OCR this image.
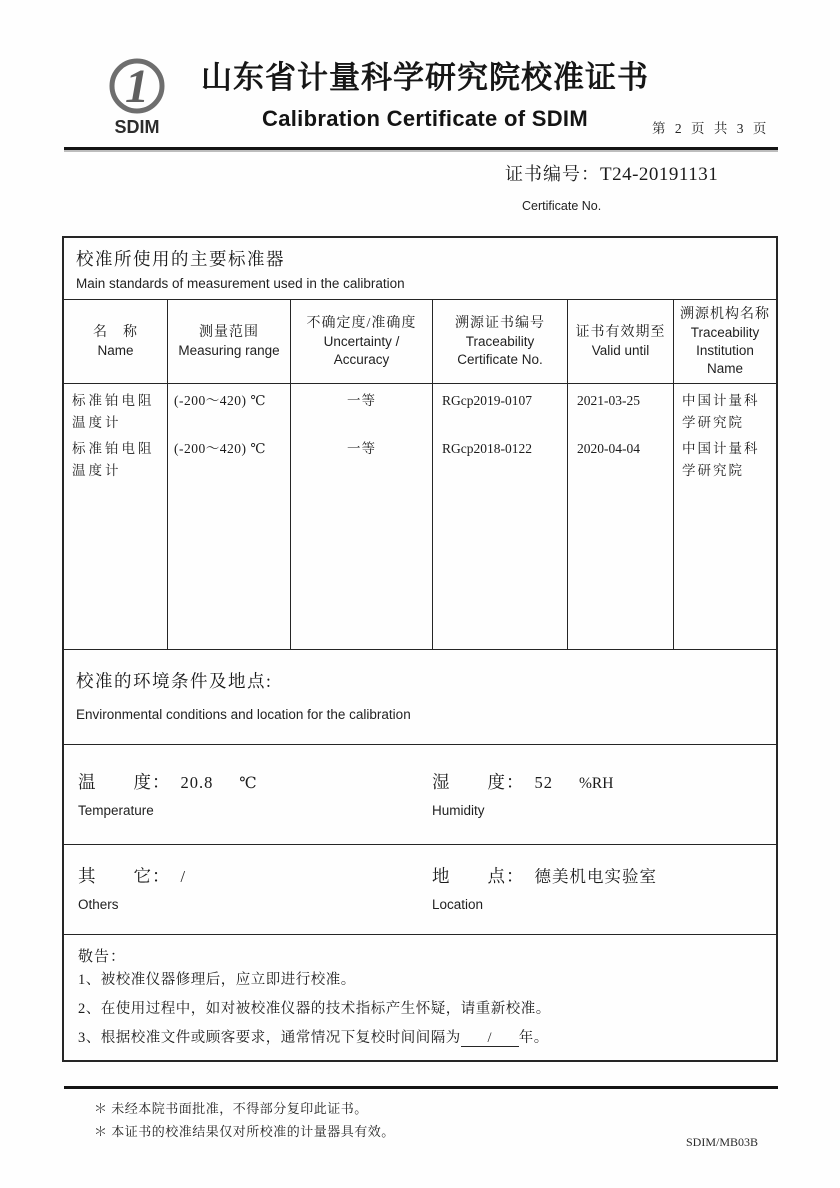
1
SDIM
山东省计量科学研究院校准证书
Calibration Certificate of SDIM	第 2 页 共 3 页
证书编号：T24-20191131
Certificate No.
校准所使用的主要标准器
Main standards of measurement used in the calibration
名　称
Name
测量范围
Measuring range
不确定度/准确度
Uncertainty / Accuracy
溯源证书编号
Traceability Certificate No.
证书有效期至
Valid until
溯源机构名称
Traceability Institution Name
标准铂电阻温度计
标准铂电阻温度计
(-200～420) ℃
(-200～420) ℃
一等
一等
RGcp2019-0107
RGcp2018-0122
2021-03-25
2020-04-04
中国计量科学研究院
中国计量科学研究院
校准的环境条件及地点:
Environmental conditions and location for the calibration
温　　度： 20.8 ℃
Temperature
湿　　度： 52 %RH
Humidity
其　　它： /
Others
地　　点： 德美机电实验室
Location
敬告：
1、被校准仪器修理后，应立即进行校准。
2、在使用过程中，如对被校准仪器的技术指标产生怀疑，请重新校准。
3、根据校准文件或顾客要求，通常情况下复校时间间隔为 / 年。
＊ 未经本院书面批准，不得部分复印此证书。
＊ 本证书的校准结果仅对所校准的计量器具有效。
SDIM/MB03B
